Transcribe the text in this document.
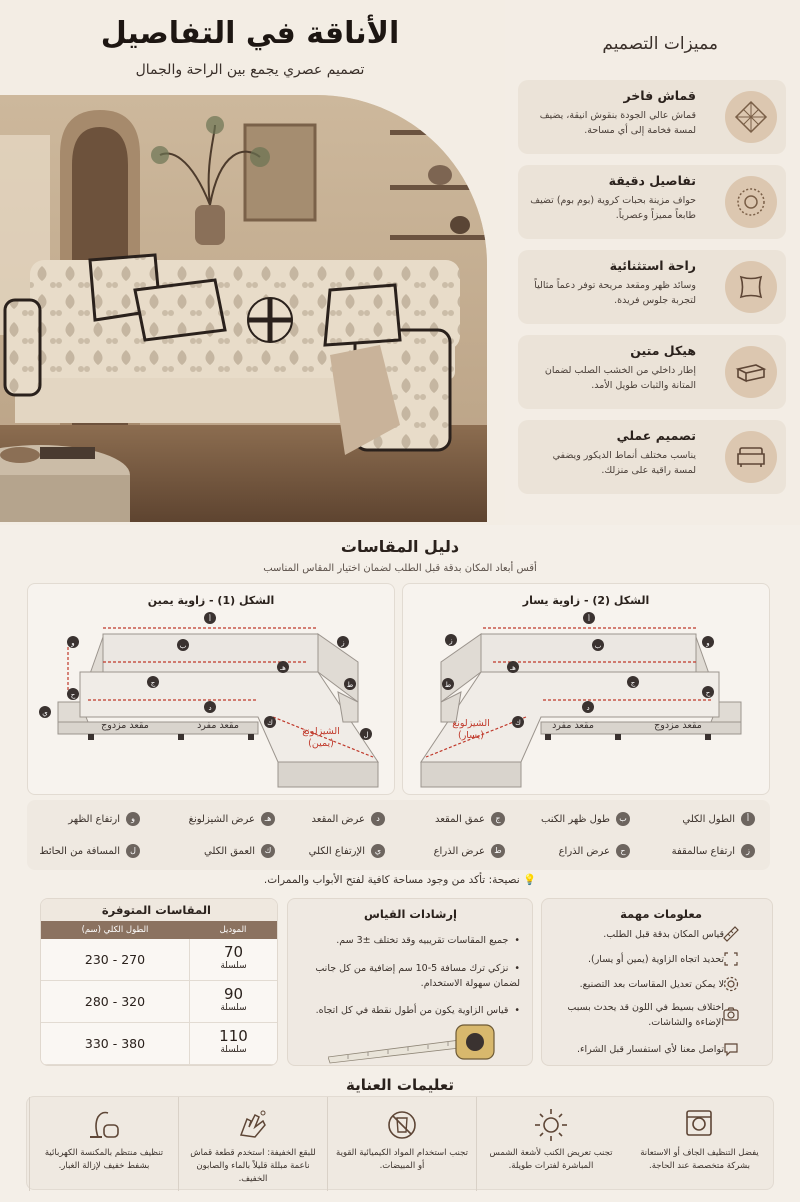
الأناقة في التفاصيل
تصميم عصري يجمع بين الراحة والجمال
مميزات التصميم
قماش فاخر
قماش عالي الجودة بنقوش انيقة، يضيف لمسة فخامة إلى أي مساحة.
تفاصيل دقيقة
حواف مزينة بحبات كروية (بوم بوم) تضيف طابعاً مميزاً وعصرياً.
راحة استثنائية
وسائد ظهر ومقعد مريحة توفر دعماً مثالياً لتجربة جلوس فريدة.
هيكل متين
إطار داخلي من الخشب الصلب لضمان المتانة والثبات طويل الأمد.
تصميم عملي
يناسب مختلف أنماط الديكور ويضفي لمسة راقية على منزلك.
دليل المقاسات
أقس أبعاد المكان بدقة قبل الطلب لضمان اختيار المقاس المناسب
الشكل (1) - زاوية يمين
أ
ب
ج
د
هـ
و	ز
ح
ط
ي
ك
ل
الشيزلونغ
(يمين)
مقعد مزدوج	مقعد مفرد
الشكل (2) - زاوية يسار
أ
ب
ج
د
هـ
و
ز
ح
ط
ك
الشيزلونغ
(يسار)
مقعد مزدوج
مقعد مفرد
أ
الطول الكلي
ب
طول ظهر الكنب
ج
عمق المقعد
د
عرض المقعد
هـ
عرض الشيزلونغ
و
ارتفاع الظهر
ز
ارتفاع سالمقفة
ح
عرض الذراع
ط
عرض الذراع
ي
الإرتفاع الكلي
ك
العمق الكلي
ل
المسافة من الحائط
💡 نصيحة: تأكد من وجود مساحة كافية لفتح الأبواب والممرات.
المقاسات المتوفرة
الموديل
الطول الكلي (سم)
70
سلسلة
230 - 270
90
سلسلة
280 - 320
110
سلسلة
330 - 380
إرشادات القياس
• جميع المقاسات تقريبيه وقد تختلف ±3 سم.
• نزكي ترك مسافة 5-10 سم إضافية من كل جانب لضمان سهولة الاستخدام.
• قياس الزاوية يكون من أطول نقطة في كل اتجاه.
معلومات مهمة
قياس المكان بدقة قبل الطلب.
تحديد اتجاه الزاوية (يمين أو يسار).
لا يمكن تعديل المقاسات بعد التصنيع.
اختلاف بسيط في اللون قد يحدث بسبب الإضاءة والشاشات.
تواصل معنا لأي استفسار قبل الشراء.
تعليمات العناية
يفضل التنظيف الجاف أو الاستعانة بشركة متخصصة عند الحاجة.
تجنب تعريض الكنب لأشعة الشمس المباشرة لفترات طويلة.
تجنب استخدام المواد الكيميائية القوية أو المبيضات.
للبقع الخفيفة: استخدم قطعة قماش ناعمة مبللة قليلاً بالماء والصابون الخفيف.
تنظيف منتظم بالمكنسة الكهربائية بشفط خفيف لإزالة الغبار.
